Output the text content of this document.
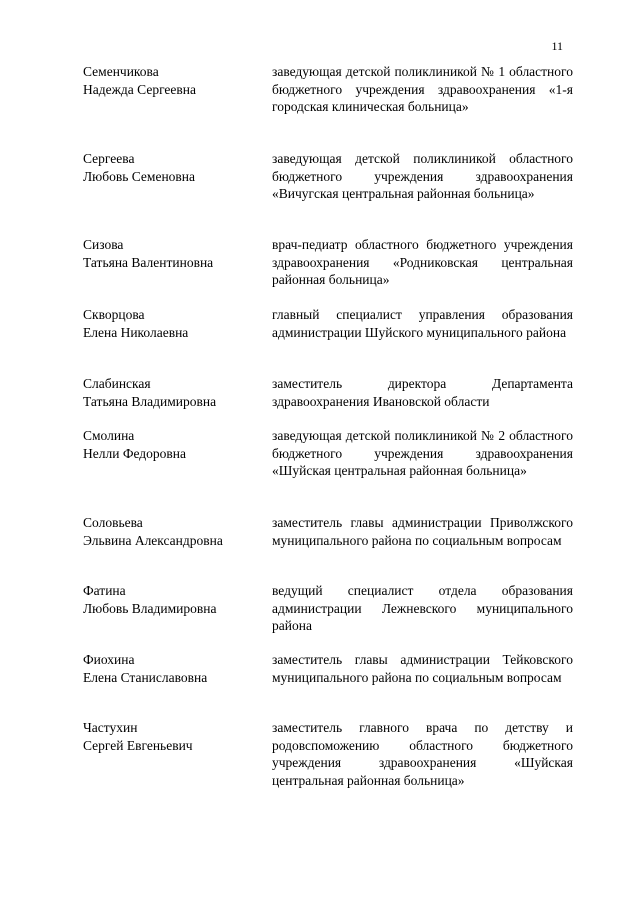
11
Семенчикова
Надежда Сергеевна
заведующая детской поликлиникой № 1 областного бюджетного учреждения здравоохранения «1-я городская клиническая больница»
Сергеева
Любовь Семеновна
заведующая детской поликлиникой областного бюджетного учреждения здравоохранения «Вичугская центральная районная больница»
Сизова
Татьяна Валентиновна
врач-педиатр областного бюджетного учреждения здравоохранения «Родниковская центральная районная больница»
Скворцова
Елена Николаевна
главный специалист управления образования администрации Шуйского муниципального района
Слабинская
Татьяна Владимировна
заместитель директора Департамента здравоохранения Ивановской области
Смолина
Нелли Федоровна
заведующая детской поликлиникой № 2 областного бюджетного учреждения здравоохранения «Шуйская центральная районная больница»
Соловьева
Эльвина Александровна
заместитель главы администрации Приволжского муниципального района по социальным вопросам
Фатина
Любовь Владимировна
ведущий специалист отдела образования администрации Лежневского муниципального района
Фиохина
Елена Станиславовна
заместитель главы администрации Тейковского муниципального района по социальным вопросам
Частухин
Сергей Евгеньевич
заместитель главного врача по детству и родовспоможению областного бюджетного учреждения здравоохранения «Шуйская центральная районная больница»
